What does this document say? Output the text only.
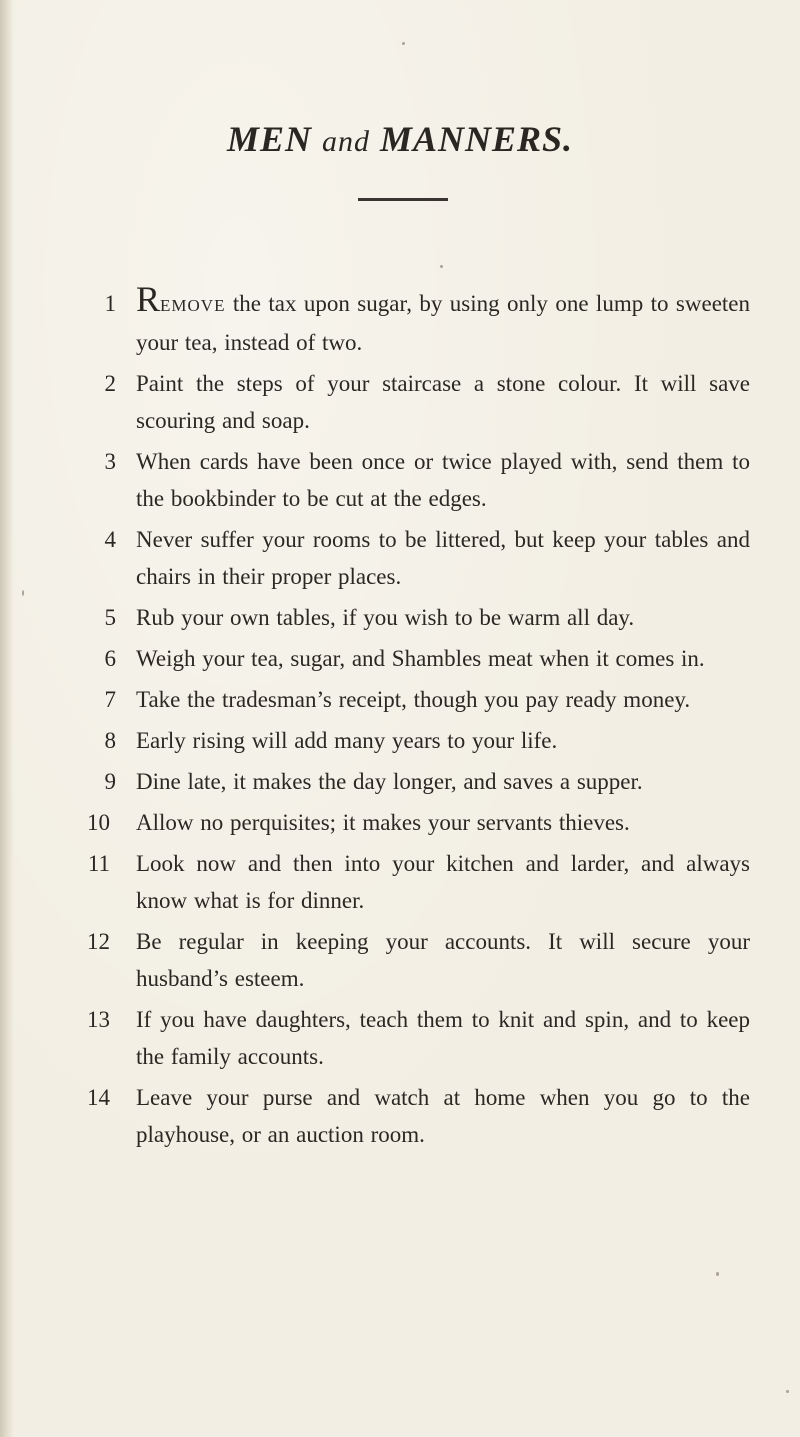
MEN and MANNERS.
1 REMOVE the tax upon sugar, by using only one lump to sweeten your tea, instead of two.
2 Paint the steps of your staircase a stone colour. It will save scouring and soap.
3 When cards have been once or twice played with, send them to the bookbinder to be cut at the edges.
4 Never suffer your rooms to be littered, but keep your tables and chairs in their proper places.
5 Rub your own tables, if you wish to be warm all day.
6 Weigh your tea, sugar, and Shambles meat when it comes in.
7 Take the tradesman’s receipt, though you pay ready money.
8 Early rising will add many years to your life.
9 Dine late, it makes the day longer, and saves a supper.
10 Allow no perquisites; it makes your servants thieves.
11 Look now and then into your kitchen and larder, and always know what is for dinner.
12 Be regular in keeping your accounts. It will secure your husband’s esteem.
13 If you have daughters, teach them to knit and spin, and to keep the family accounts.
14 Leave your purse and watch at home when you go to the playhouse, or an auction room.
